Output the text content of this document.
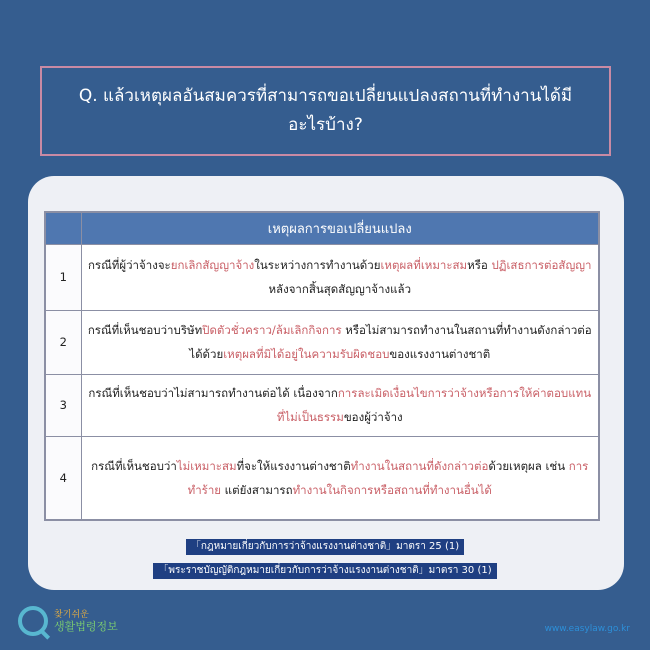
Q. แล้วเหตุผลอันสมควรที่สามารถขอเปลี่ยนแปลงสถานที่ทำงานได้มีอะไรบ้าง?
	เหตุผลการขอเปลี่ยนแปลง
1	กรณีที่ผู้ว่าจ้างจะยกเลิกสัญญาจ้างในระหว่างการทำงานด้วยเหตุผลที่เหมาะสมหรือ ปฏิเสธการต่อสัญญาหลังจากสิ้นสุดสัญญาจ้างแล้ว
2	กรณีที่เห็นชอบว่าบริษัทปิดตัวชั่วคราว/ล้มเลิกกิจการ หรือไม่สามารถทำงานในสถานที่ทำงานดังกล่าวต่อได้ด้วยเหตุผลที่มิได้อยู่ในความรับผิดชอบของแรงงานต่างชาติ
3	กรณีที่เห็นชอบว่าไม่สามารถทำงานต่อได้ เนื่องจากการละเมิดเงื่อนไขการว่าจ้างหรือการให้ค่าตอบแทนที่ไม่เป็นธรรมของผู้ว่าจ้าง
4	กรณีที่เห็นชอบว่าไม่เหมาะสมที่จะให้แรงงานต่างชาติทำงานในสถานที่ดังกล่าวต่อด้วยเหตุผล เช่น การทำร้าย แต่ยังสามารถทำงานในกิจการหรือสถานที่ทำงานอื่นได้
「กฎหมายเกี่ยวกับการว่าจ้างแรงงานต่างชาติ」มาตรา 25 (1)
「พระราชบัญญัติกฎหมายเกี่ยวกับการว่าจ้างแรงงานต่างชาติ」มาตรา 30 (1)
찾기쉬운
생활법령정보	www.easylaw.go.kr
